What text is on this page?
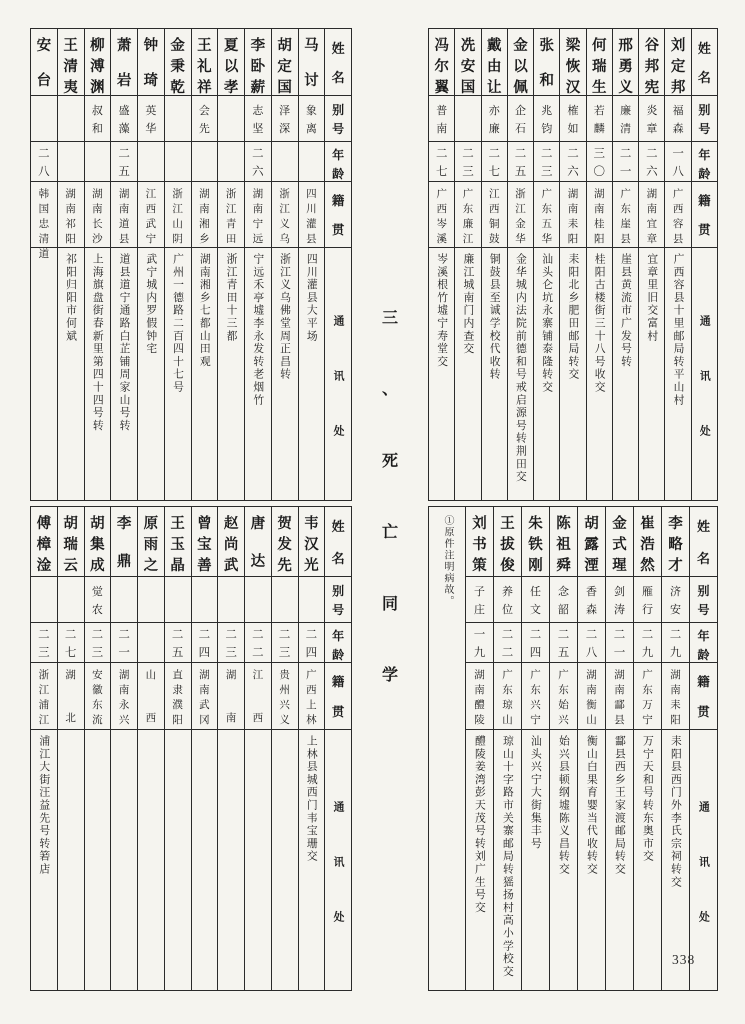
姓
名
别
号
年
龄
籍
贯
通
讯
处
马
讨
象
离
四
川
灌
县
四川灌县大平场
胡
定
国
泽
深
浙
江
义
乌
浙江义乌佛堂周正昌转
李
卧
薪
志
坚
二
六
湖
南
宁
远
宁远禾亭墟李永发转老烟竹
夏
以
孝
浙
江
青
田
浙江青田十三都
王
礼
祥
会
先
湖
南
湘
乡
湖南湘乡七都山田观
金
秉
乾
浙
江
山
阴
广州一德路二百四十七号
钟
琦
英
华
江
西
武
宁
武宁城内罗假钟宅
萧
岩
盛
藻
二
五
湖
南
道
县
道县道宁通路白芷铺周家山号转
柳
溥
渊
叔
和
湖
南
长
沙
上海旗盘街春新里第四十四号转
王
清
夷
湖
南
祁
阳
祁阳归阳市何斌
安
台
二
八
韩
国
忠
清
道
姓
名
别
号
年
龄
籍
贯
通
讯
处
刘
定
邦
福
森
一
八
广
西
容
县
广西容县十里邮局转平山村
谷
邦
宪
炎
章
二
六
湖
南
宜
章
宜章里旧交富村
邢
勇
义
廉
清
二
一
广
东
崖
县
崖县黄流市广发号转
何
瑞
生
若
麟
三
〇
湖
南
桂
阳
桂阳古楼街三十八号收交
梁
恢
汉
榷
如
二
六
湖
南
耒
阳
耒阳北乡肥田邮局转交
张
和
兆
钧
二
三
广
东
五
华
汕头仑坑永寨铺泰隆转交
金
以
佩
企
石
二
五
浙
江
金
华
金华城内法院前德和号戒启源号转荆田交
戴
由
让
亦
廉
二
七
江
西
铜
鼓
铜鼓县至诚学校代收转
冼
安
国
二
三
广
东
廉
江
廉江城南门内查交
冯
尔
翼
普
南
二
七
广
西
岑
溪
岑溪根竹墟宁寿堂交
三
、
死
亡
同
学
姓
名
别
号
年
龄
籍
贯
通
讯
处
韦
汉
光
二
四
广
西
上
林
上林县城西门韦宝珊交
贺
发
先
二
三
贵
州
兴
义
唐
达
二
二
江
西
赵
尚
武
二
三
湖
南
曾
宝
善
二
四
湖
南
武
冈
王
玉
晶
二
五
直
隶
濮
阳
原
雨
之
山
西
李
鼎
二
一
湖
南
永
兴
胡
集
成
觉
农
二
三
安
徽
东
流
胡
瑞
云
二
七
湖
北
傅
樟
淦
二
三
浙
江
浦
江
浦江大街汪益先号转箬店
姓
名
别
号
年
龄
籍
贯
通
讯
处
李
略
才
济
安
二
九
湖
南
耒
阳
耒阳县西门外李氏宗祠转交
崔
浩
然
雁
行
二
九
广
东
万
宁
万宁天和号转东奥市交
金
式
瑆
剑
涛
二
一
湖
南
酃
县
酃县西乡王家渡邮局转交
胡
露
湮
香
森
二
八
湖
南
衡
山
衡山白果育婴当代收转交
陈
祖
舜
念
韶
二
五
广
东
始
兴
始兴县顿纲墟陈义昌转交
朱
铁
刚
任
文
二
四
广
东
兴
宁
汕头兴宁大街集丰号
王
拔
俊
养
位
二
二
广
东
琼
山
琼山十字路市关寨邮局转猺扬村高小学校交
刘
书
策
子
庄
一
九
湖
南
醴
陵
醴陵姜湾彭天茂号转刘广生号交
①原件注明病故。
338
